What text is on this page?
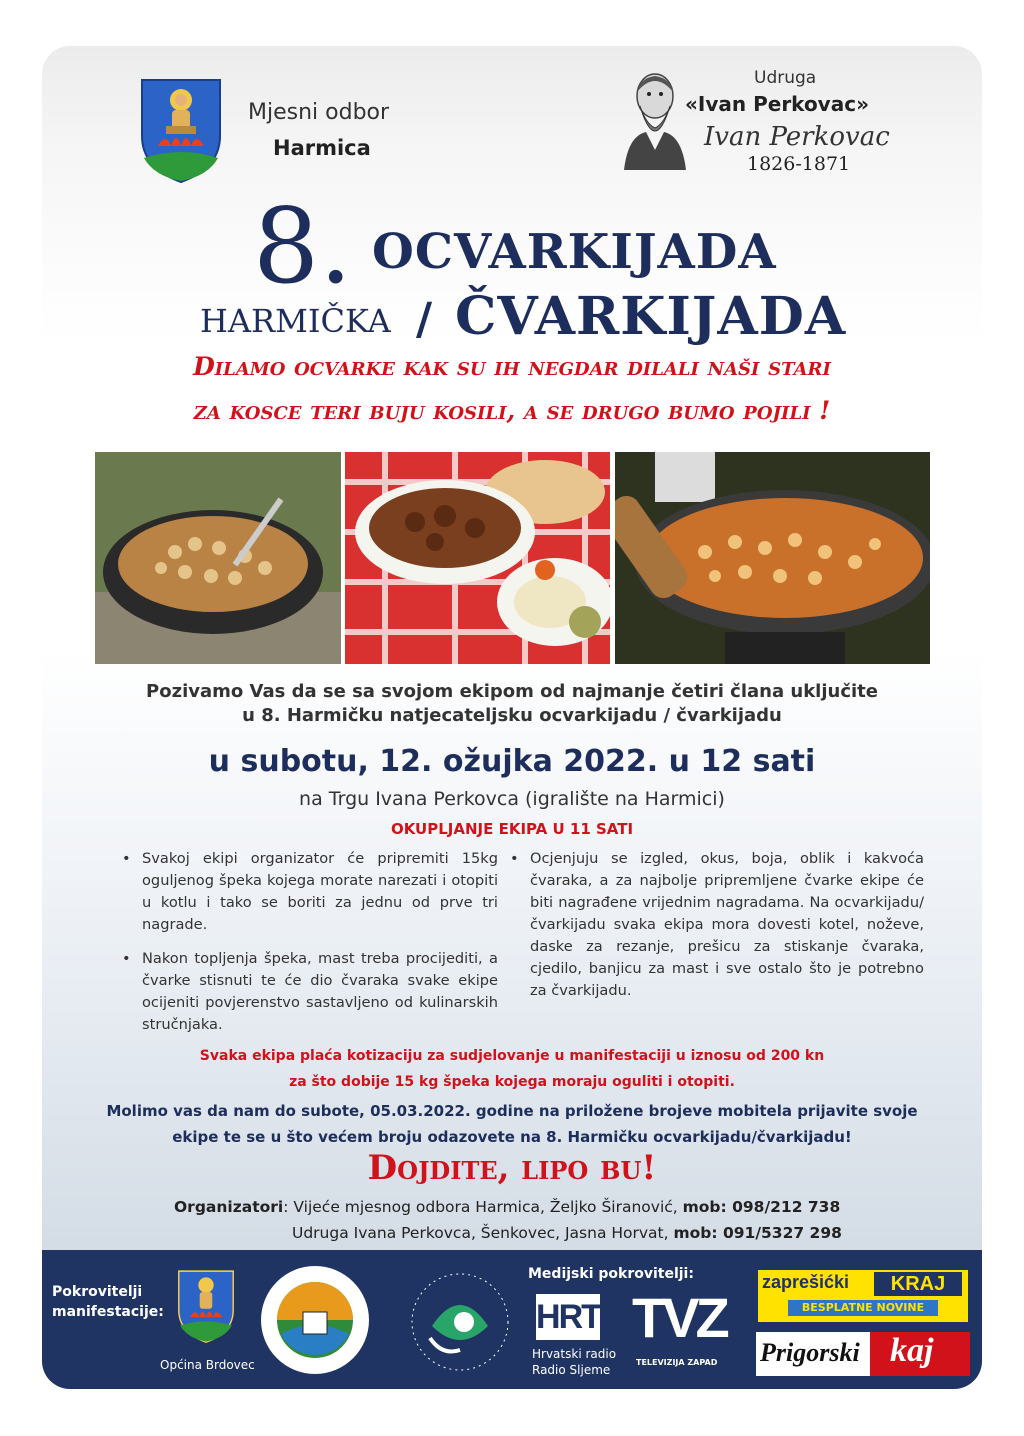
Mjesni odbor
Harmica
Udruga
«Ivan Perkovac»
Ivan Perkovac
1826-1871
8. OCVARKIJADA
HARMIČKA / ČVARKIJADA
Dilamo ocvarke kak su ih negdar dilali naši stari
za kosce teri buju kosili, a se drugo bumo pojili !
Pozivamo Vas da se sa svojom ekipom od najmanje četiri člana uključite
u 8. Harmičku natjecateljsku ocvarkijadu / čvarkijadu
u subotu, 12. ožujka 2022. u 12 sati
na Trgu Ivana Perkovca (igralište na Harmici)
OKUPLJANJE EKIPA U 11 SATI
• Svakoj ekipi organizator će pripremiti 15kg oguljenog špeka kojega morate narezati i otopiti u kotlu i tako se boriti za jednu od prve tri nagrade.
• Nakon topljenja špeka, mast treba procijediti, a čvarke stisnuti te će dio čvaraka svake ekipe ocijeniti povjerenstvo sastavljeno od kulinarskih stručnjaka.
• Ocjenjuju se izgled, okus, boja, oblik i kakvoća čvaraka, a za najbolje pripremljene čvarke ekipe će biti nagrađene vrijednim nagradama. Na ocvarkijadu/čvarkijadu svaka ekipa mora dovesti kotel, noževe, daske za rezanje, prešicu za stiskanje čvaraka, cjedilo, banjicu za mast i sve ostalo što je potrebno za čvarkijadu.
Svaka ekipa plaća kotizaciju za sudjelovanje u manifestaciji u iznosu od 200 kn
za što dobije 15 kg špeka kojega moraju oguliti i otopiti.
Molimo vas da nam do subote, 05.03.2022. godine na priložene brojeve mobitela prijavite svoje
ekipe te se u što većem broju odazovete na 8. Harmičku ocvarkijadu/čvarkijadu!
Dojdite, lipo bu!
Organizatori: Vijeće mjesnog odbora Harmica, Željko Širanović, mob: 098/212 738
Udruga Ivana Perkovca, Šenkovec, Jasna Horvat, mob: 091/5327 298
Pokrovitelji
manifestacije:
Općina Brdovec
Medijski pokrovitelji:
HRT
Hrvatski radio
Radio Sljeme
TVZ
TELEVIZIJA ZAPAD
zaprešićki	KRAJ
BESPLATNE NOVINE
Prigorski kaj
